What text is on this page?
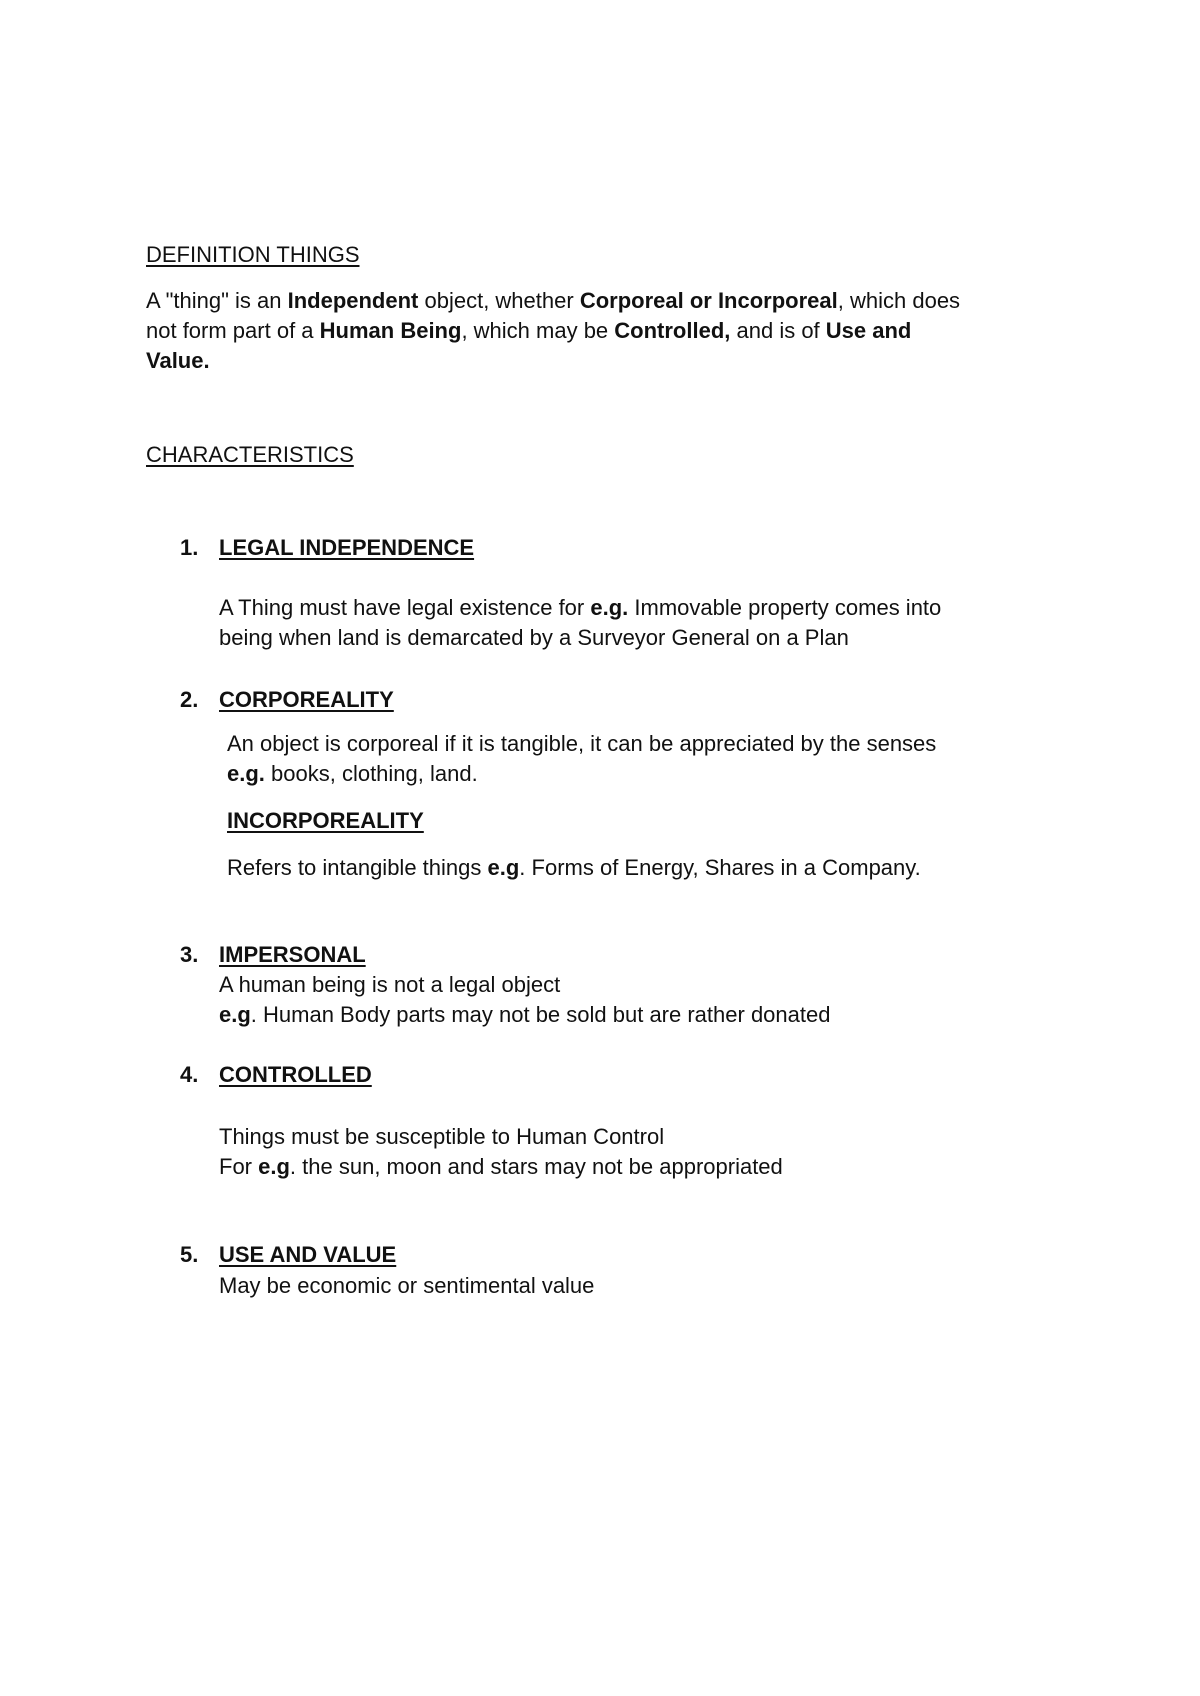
DEFINITION THINGS
A "thing" is an Independent object, whether Corporeal or Incorporeal, which does
not form part of a Human Being, which may be Controlled, and is of Use and
Value.
CHARACTERISTICS
1. LEGAL INDEPENDENCE
A Thing must have legal existence for e.g. Immovable property comes into
being when land is demarcated by a Surveyor General on a Plan
2. CORPOREALITY
An object is corporeal if it is tangible, it can be appreciated by the senses
e.g. books, clothing, land.
INCORPOREALITY
Refers to intangible things e.g. Forms of Energy, Shares in a Company.
3. IMPERSONAL
A human being is not a legal object
e.g. Human Body parts may not be sold but are rather donated
4. CONTROLLED
Things must be susceptible to Human Control
For e.g. the sun, moon and stars may not be appropriated
5. USE AND VALUE
May be economic or sentimental value
